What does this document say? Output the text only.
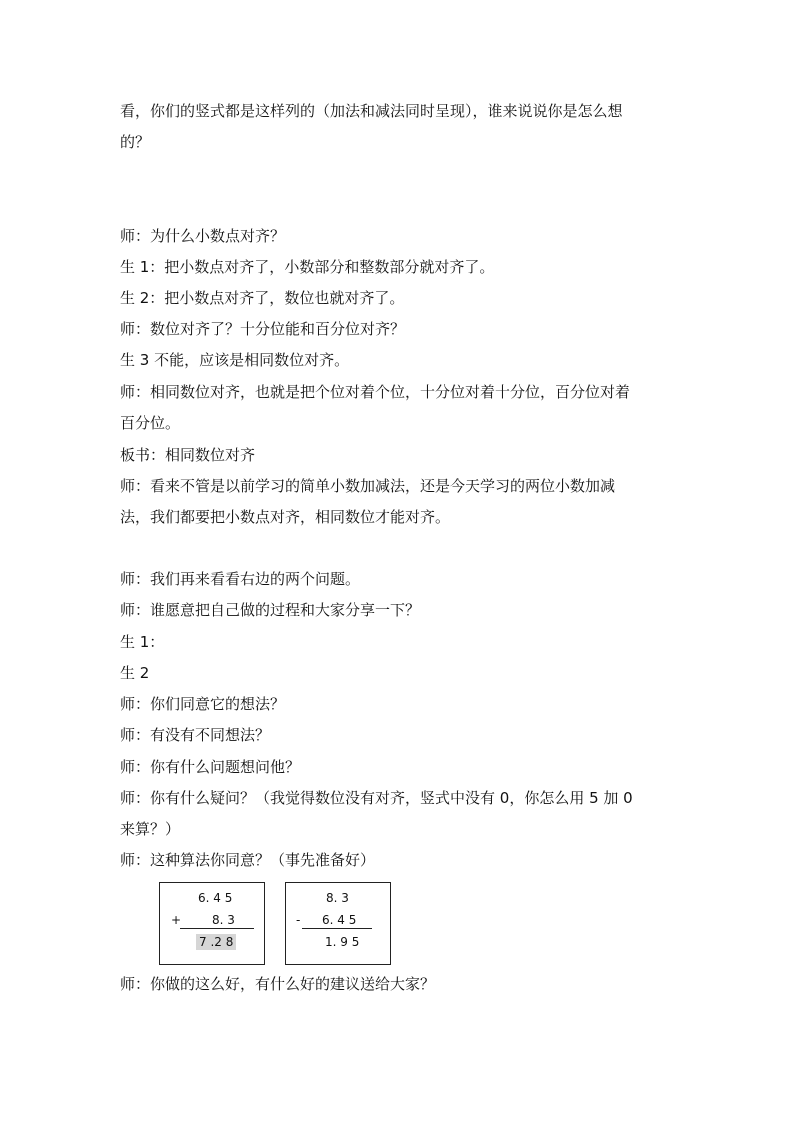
看，你们的竖式都是这样列的（加法和减法同时呈现），谁来说说你是怎么想
的？
师：为什么小数点对齐？
生 1：把小数点对齐了，小数部分和整数部分就对齐了。
生 2：把小数点对齐了，数位也就对齐了。
师：数位对齐了？十分位能和百分位对齐？
生 3 不能，应该是相同数位对齐。
师：相同数位对齐，也就是把个位对着个位，十分位对着十分位，百分位对着
百分位。
板书：相同数位对齐
师：看来不管是以前学习的简单小数加减法，还是今天学习的两位小数加减
法，我们都要把小数点对齐，相同数位才能对齐。
师：我们再来看看右边的两个问题。
师：谁愿意把自己做的过程和大家分享一下？
生 1：
生 2
师：你们同意它的想法？
师：有没有不同想法？
师：你有什么问题想问他？
师：你有什么疑问？（我觉得数位没有对齐，竖式中没有 0，你怎么用 5 加 0
来算？）
师：这种算法你同意？（事先准备好）
师：你做的这么好，有什么好的建议送给大家？
6. 4 5
+	8. 3
7 .2 8
8. 3
- 6. 4 5
1. 9 5
